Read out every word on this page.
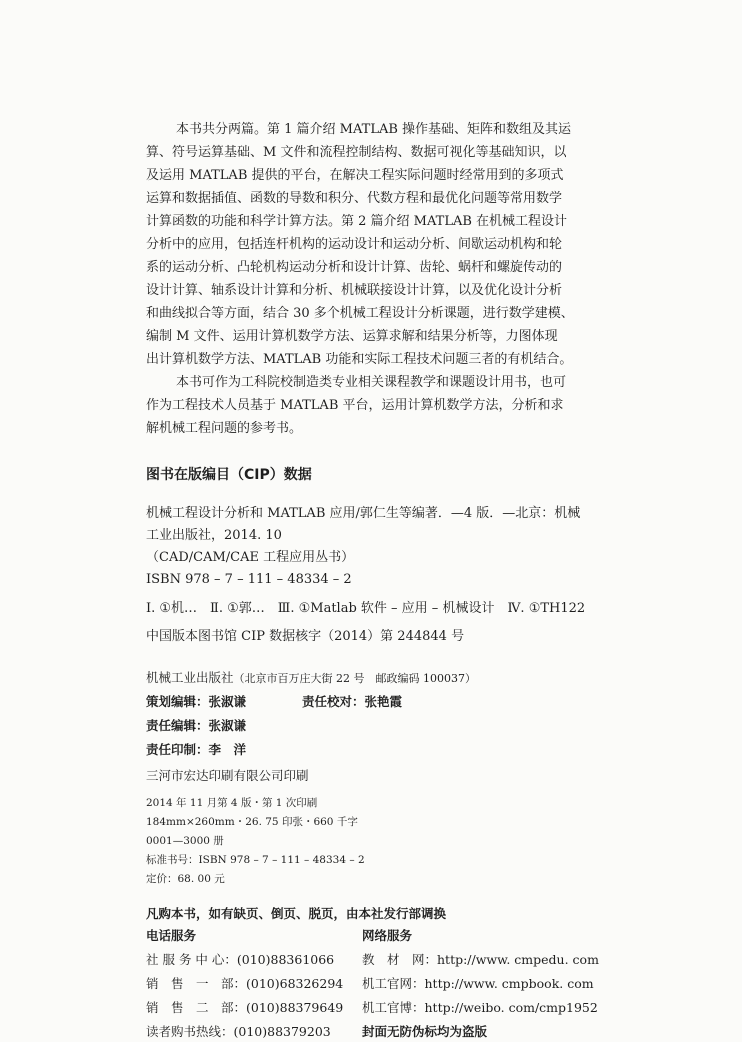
本书共分两篇。第 1 篇介绍 MATLAB 操作基础、矩阵和数组及其运
算、符号运算基础、M 文件和流程控制结构、数据可视化等基础知识，以
及运用 MATLAB 提供的平台，在解决工程实际问题时经常用到的多项式
运算和数据插值、函数的导数和积分、代数方程和最优化问题等常用数学
计算函数的功能和科学计算方法。第 2 篇介绍 MATLAB 在机械工程设计
分析中的应用，包括连杆机构的运动设计和运动分析、间歇运动机构和轮
系的运动分析、凸轮机构运动分析和设计计算、齿轮、蜗杆和螺旋传动的
设计计算、轴系设计计算和分析、机械联接设计计算，以及优化设计分析
和曲线拟合等方面，结合 30 多个机械工程设计分析课题，进行数学建模、
编制 M 文件、运用计算机数学方法、运算求解和结果分析等，力图体现
出计算机数学方法、MATLAB 功能和实际工程技术问题三者的有机结合。
本书可作为工科院校制造类专业相关课程教学和课题设计用书，也可
作为工程技术人员基于 MATLAB 平台，运用计算机数学方法，分析和求
解机械工程问题的参考书。
图书在版编目（CIP）数据
机械工程设计分析和 MATLAB 应用/郭仁生等编著．—4 版．—北京：机械
工业出版社，2014. 10
（CAD/CAM/CAE 工程应用丛书）
ISBN 978 – 7 – 111 – 48334 – 2
Ⅰ. ①机…　Ⅱ. ①郭…　Ⅲ. ①Matlab 软件 – 应用 – 机械设计　Ⅳ. ①TH122
中国版本图书馆 CIP 数据核字（2014）第 244844 号
机械工业出版社（北京市百万庄大街 22 号　邮政编码 100037）
策划编辑：张淑谦	责任校对：张艳霞
责任编辑：张淑谦
责任印制：李　洋
三河市宏达印刷有限公司印刷
2014 年 11 月第 4 版・第 1 次印刷
184mm×260mm・26. 75 印张・660 千字
0001—3000 册
标准书号：ISBN 978 – 7 – 111 – 48334 – 2
定价：68. 00 元
凡购本书，如有缺页、倒页、脱页，由本社发行部调换
电话服务	网络服务
社 服 务 中 心：(010)88361066
销　售　一　部：(010)68326294
销　售　二　部：(010)88379649
读者购书热线：(010)88379203
教　材　网：http://www. cmpedu. com
机工官网：http://www. cmpbook. com
机工官博：http://weibo. com/cmp1952
封面无防伪标均为盗版
